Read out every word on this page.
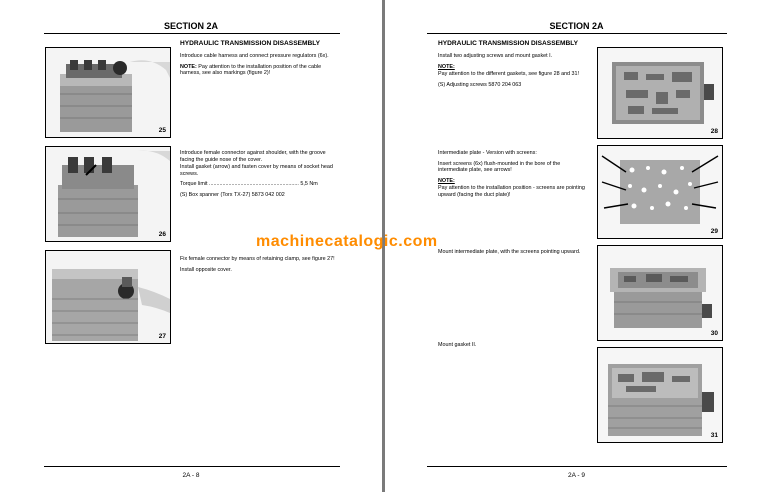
SECTION 2A
HYDRAULIC TRANSMISSION DISASSEMBLY
25

Introduce cable harness and connect pressure regulators (6x).

NOTE: Pay attention to the installation position of the cable harness, see also markings (figure 2)!

26

Introduce female connector against shoulder, with the groove facing the guide nose of the cover.

Install gasket (arrow) and fasten cover by means of socket head screws.

Torque limit ............................................................ 5,5 Nm

(S) Box spanner (Torx TX-27) 5873 042 002

27

Fix female connector by means of retaining clamp, see figure 27!

Install opposite cover.

2A - 8
SECTION 2A
HYDRAULIC TRANSMISSION DISASSEMBLY

Install two adjusting screws and mount gasket I.

NOTE:

Pay attention to the different gaskets, see figure 28 and 31!

(S) Adjusting screws 5870 204 063

28

Intermediate plate - Version with screens:

Insert screens (6x) flush-mounted in the bore of the intermediate plate, see arrows!

NOTE:

Pay attention to the installation position - screens are pointing upward (facing the duct plate)!

29

Mount intermediate plate, with the screens pointing upward.

30

Mount gasket II.

31
2A - 9
machinecatalogic.com
